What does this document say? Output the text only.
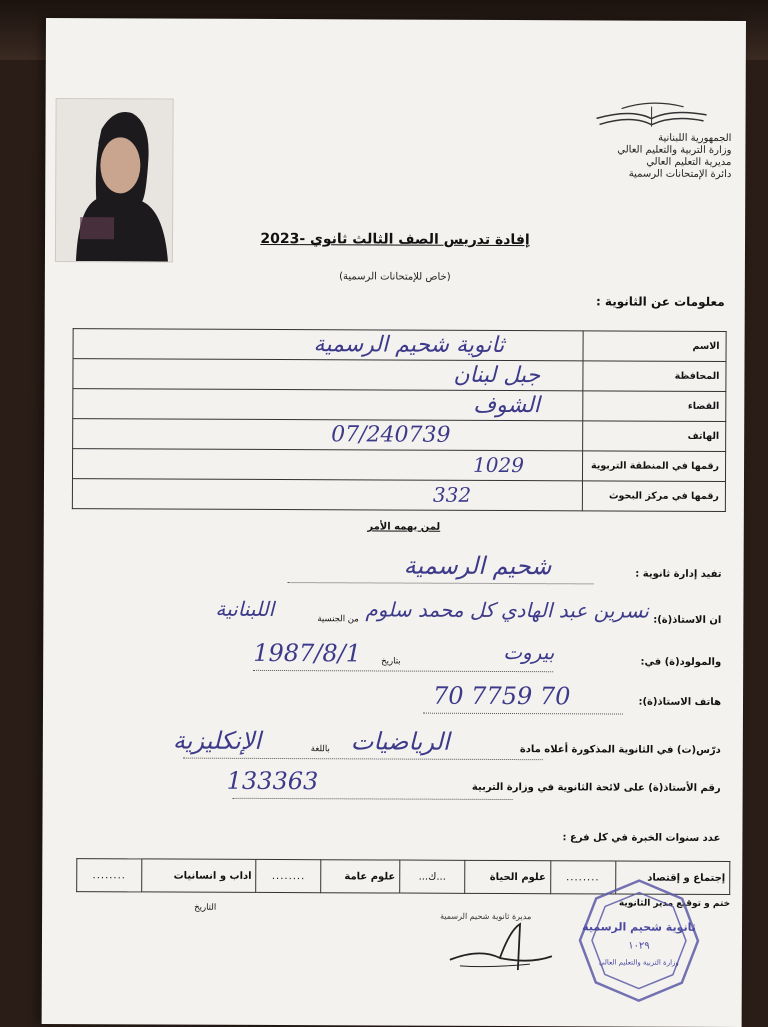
الجمهورية اللبنانية
وزارة التربية والتعليم العالي
مديرية التعليم العالي
دائرة الإمتحانات الرسمية
إفادة تدريس الصف الثالث ثانوي -2023
(خاص للإمتحانات الرسمية)
معلومات عن الثانوية :
ثانوية شحيم الرسمية	الاسم

جبل لبنان	المحافظة

الشوف	القضاء

07/240739	الهاتف

1029	رقمها في المنطقة التربوية

332	رقمها في مركز البحوث
لمن يهمه الأمر
تفيد إدارة ثانوية :
شحيم الرسمية
ان الاستاذ(ة):
نسرين عبد الهادي كل محمد سلوم
من الجنسية
اللبنانية
والمولود(ة) في:
بيروت
بتاريخ
1987/8/1
هاتف الاستاذ(ة):
70 7759 70
درّس(ت) في الثانوية المذكورة أعلاه مادة
الرياضيات
باللغة
الإنكليزية
رقم الأستاذ(ة) على لائحة الثانوية في وزارة التربية
133363
عدد سنوات الخبرة في كل فرع :
........	اداب و انسانيات	........	علوم عامة	...ك...	علوم الحياة	........	إجتماع و إقتصاد
ختم و توقيع مدير الثانوية
التاريخ
مديرة ثانوية شحيم الرسمية
ثانوية شحيم الرسمية
١٠٢٩
وزارة التربية والتعليم العالي
